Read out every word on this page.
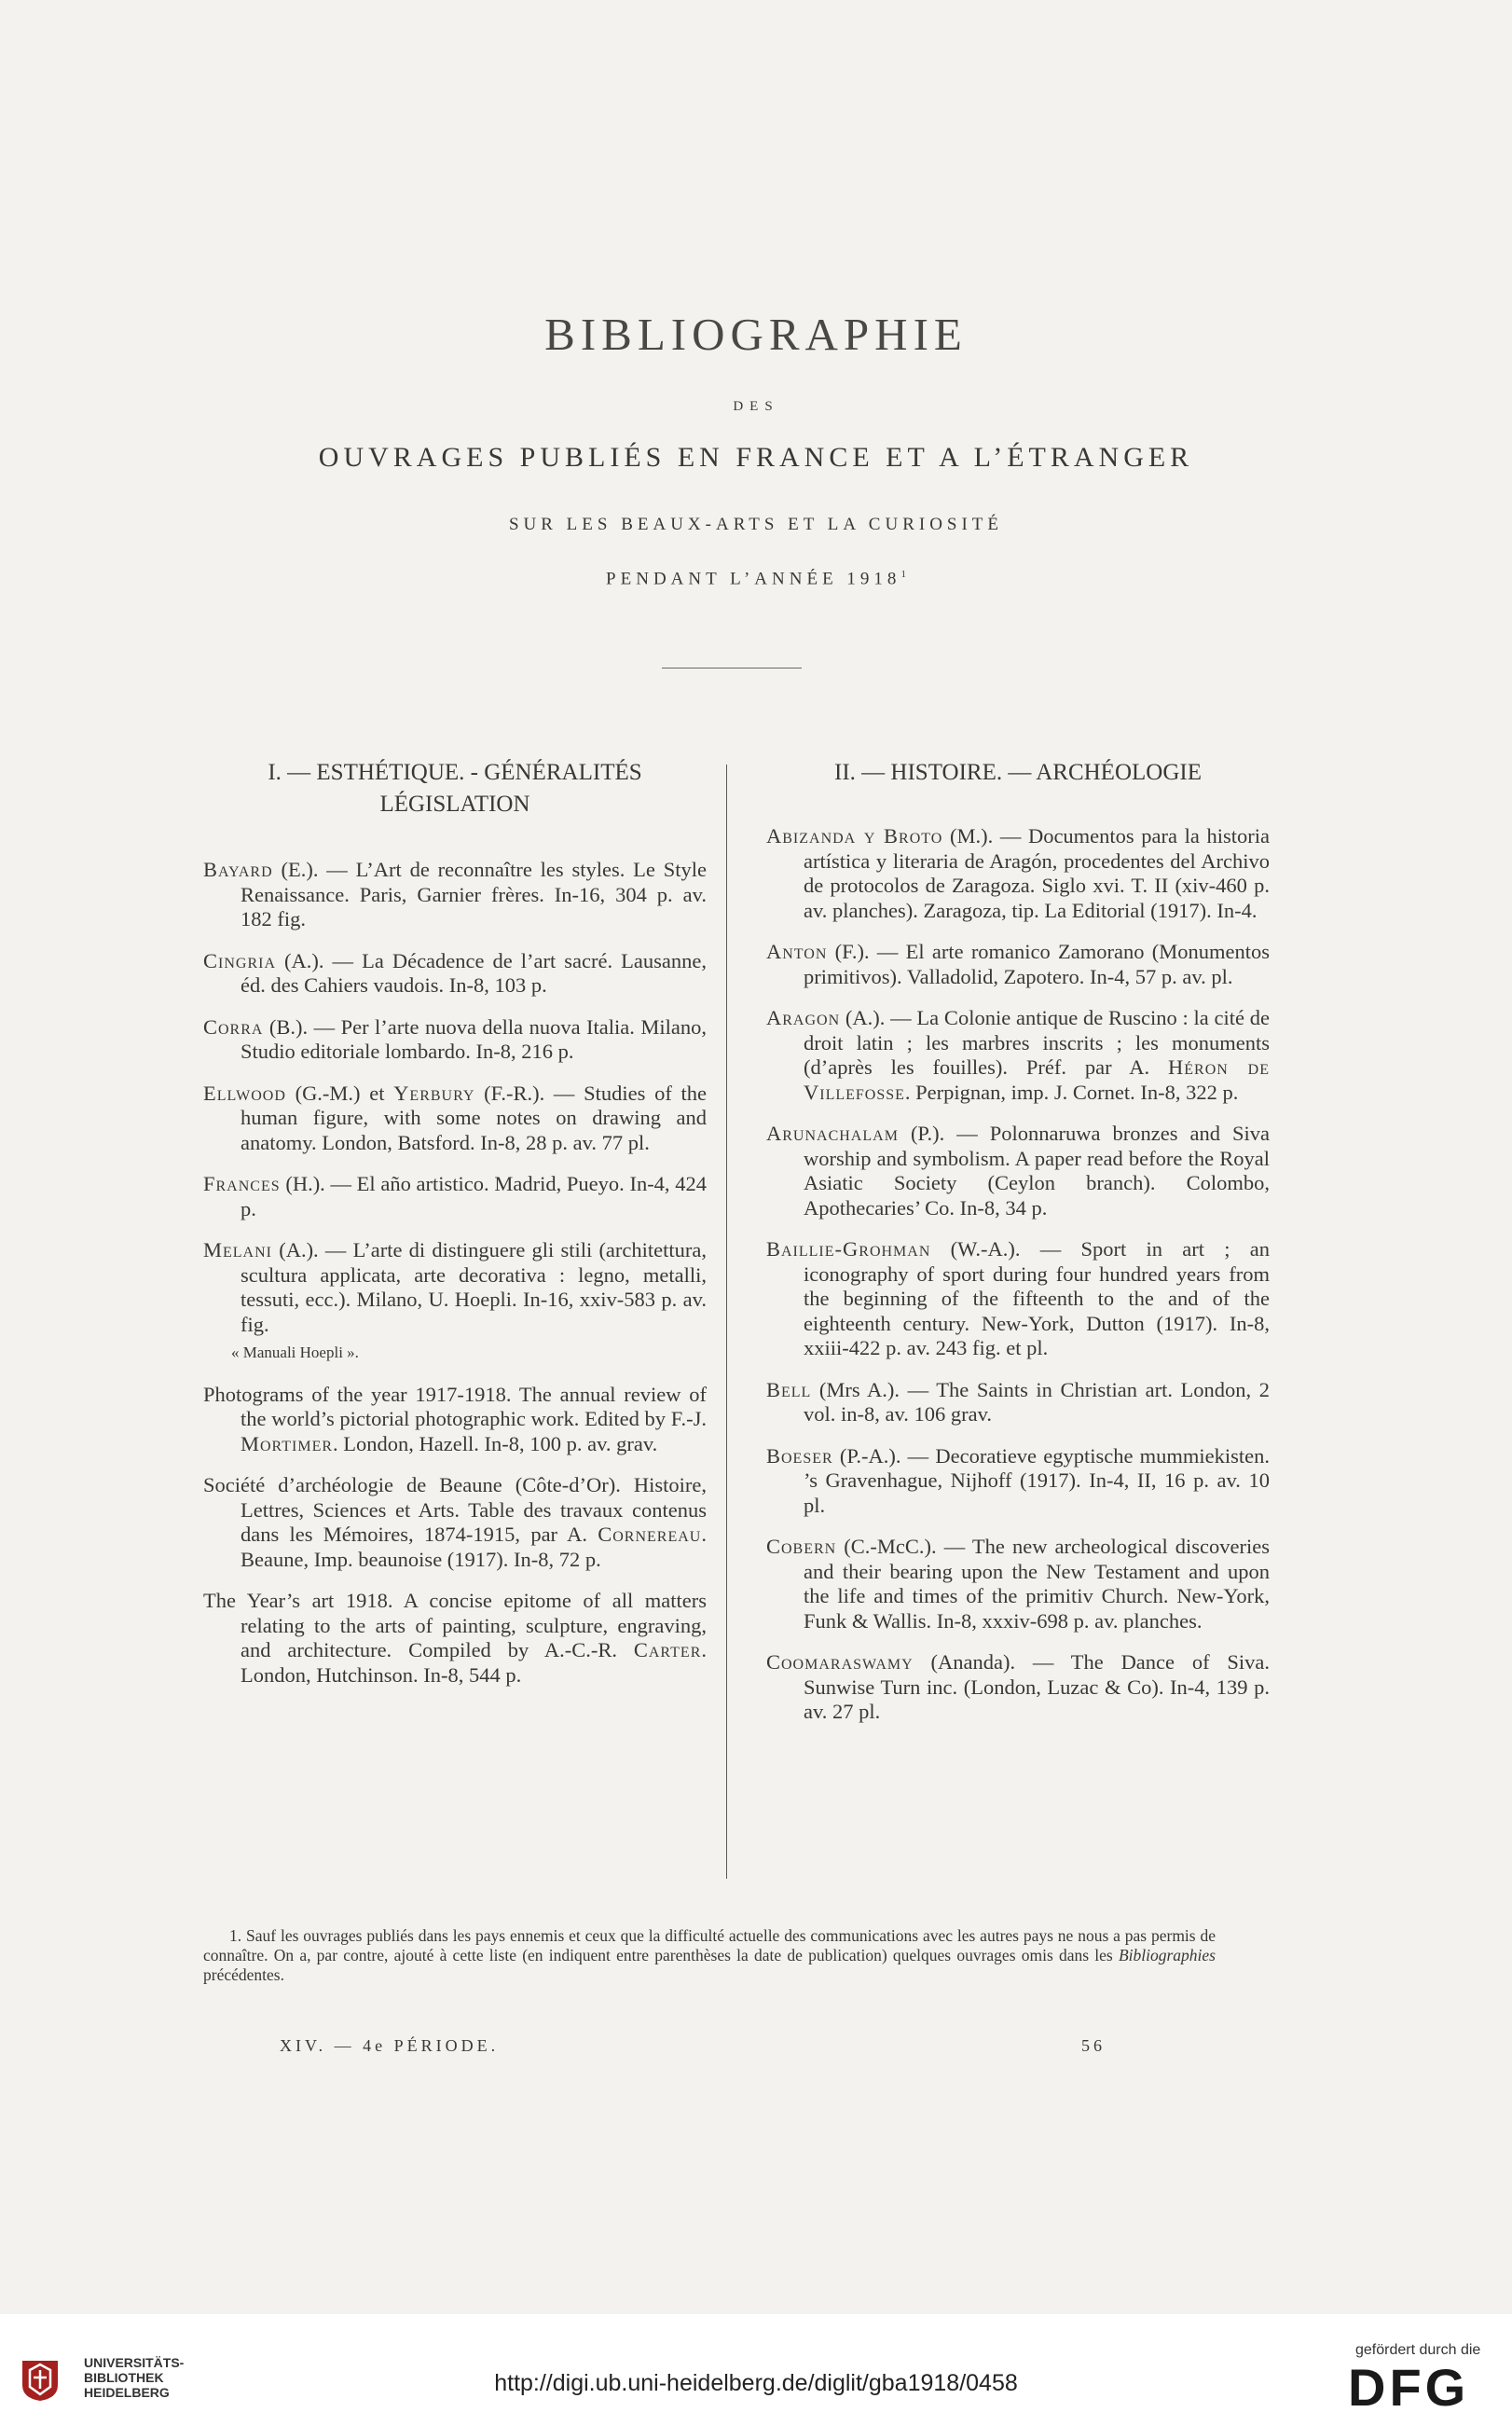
BIBLIOGRAPHIE
DES
OUVRAGES PUBLIÉS EN FRANCE ET A L’ÉTRANGER
SUR LES BEAUX-ARTS ET LA CURIOSITÉ
PENDANT L’ANNÉE 1918$^1$
I. — ESTHÉTIQUE. - GÉNÉRALITÉS
LÉGISLATION

Bayard (E.). — L’Art de reconnaître les styles. Le Style Renaissance. Paris, Garnier frères. In-16, 304 p. av. 182 fig.

Cingria (A.). — La Décadence de l’art sacré. Lausanne, éd. des Cahiers vaudois. In-8, 103 p.

Corra (B.). — Per l’arte nuova della nuova Italia. Milano, Studio editoriale lombardo. In-8, 216 p.

Ellwood (G.-M.) et Yerbury (F.-R.). — Studies of the human figure, with some notes on drawing and anatomy. London, Batsford. In-8, 28 p. av. 77 pl.

Frances (H.). — El año artistico. Madrid, Pueyo. In-4, 424 p.

Melani (A.). — L’arte di distinguere gli stili (architettura, scultura applicata, arte decorativa : legno, metalli, tessuti, ecc.). Milano, U. Hoepli. In-16, xxiv-583 p. av. fig.

« Manuali Hoepli ».

Photograms of the year 1917-1918. The annual review of the world’s pictorial photographic work. Edited by F.-J. Mortimer. London, Hazell. In-8, 100 p. av. grav.

Société d’archéologie de Beaune (Côte-d’Or). Histoire, Lettres, Sciences et Arts. Table des travaux contenus dans les Mémoires, 1874-1915, par A. Cornereau. Beaune, Imp. beaunoise (1917). In-8, 72 p.

The Year’s art 1918. A concise epitome of all matters relating to the arts of painting, sculpture, engraving, and architecture. Compiled by A.-C.-R. Carter. London, Hutchinson. In-8, 544 p.

II. — HISTOIRE. — ARCHÉOLOGIE

Abizanda y Broto (M.). — Documentos para la historia artística y literaria de Aragón, procedentes del Archivo de protocolos de Zaragoza. Siglo xvi. T. II (xiv-460 p. av. planches). Zaragoza, tip. La Editorial (1917). In-4.

Anton (F.). — El arte romanico Zamorano (Monumentos primitivos). Valladolid, Zapotero. In-4, 57 p. av. pl.

Aragon (A.). — La Colonie antique de Ruscino : la cité de droit latin ; les marbres inscrits ; les monuments (d’après les fouilles). Préf. par A. Héron de Villefosse. Perpignan, imp. J. Cornet. In-8, 322 p.

Arunachalam (P.). — Polonnaruwa bronzes and Siva worship and symbolism. A paper read before the Royal Asiatic Society (Ceylon branch). Colombo, Apothecaries’ Co. In-8, 34 p.

Baillie-Grohman (W.-A.). — Sport in art ; an iconography of sport during four hundred years from the beginning of the fifteenth to the and of the eighteenth century. New-York, Dutton (1917). In-8, xxiii-422 p. av. 243 fig. et pl.

Bell (Mrs A.). — The Saints in Christian art. London, 2 vol. in-8, av. 106 grav.

Boeser (P.-A.). — Decoratieve egyptische mummiekisten. ’s Gravenhague, Nijhoff (1917). In-4, II, 16 p. av. 10 pl.

Cobern (C.-McC.). — The new archeological discoveries and their bearing upon the New Testament and upon the life and times of the primitiv Church. New-York, Funk & Wallis. In-8, xxxiv-698 p. av. planches.

Coomaraswamy (Ananda). — The Dance of Siva. Sunwise Turn inc. (London, Luzac & Co). In-4, 139 p. av. 27 pl.

1. Sauf les ouvrages publiés dans les pays ennemis et ceux que la difficulté actuelle des communications avec les autres pays ne nous a pas permis de connaître. On a, par contre, ajouté à cette liste (en indiquent entre parenthèses la date de publication) quelques ouvrages omis dans les Bibliographies précédentes.
XIV. — 4e PÉRIODE.	56
UNIVERSITÄTS-
BIBLIOTHEK
HEIDELBERG	http://digi.ub.uni-heidelberg.de/diglit/gba1918/0458
gefördert durch die
DFG
